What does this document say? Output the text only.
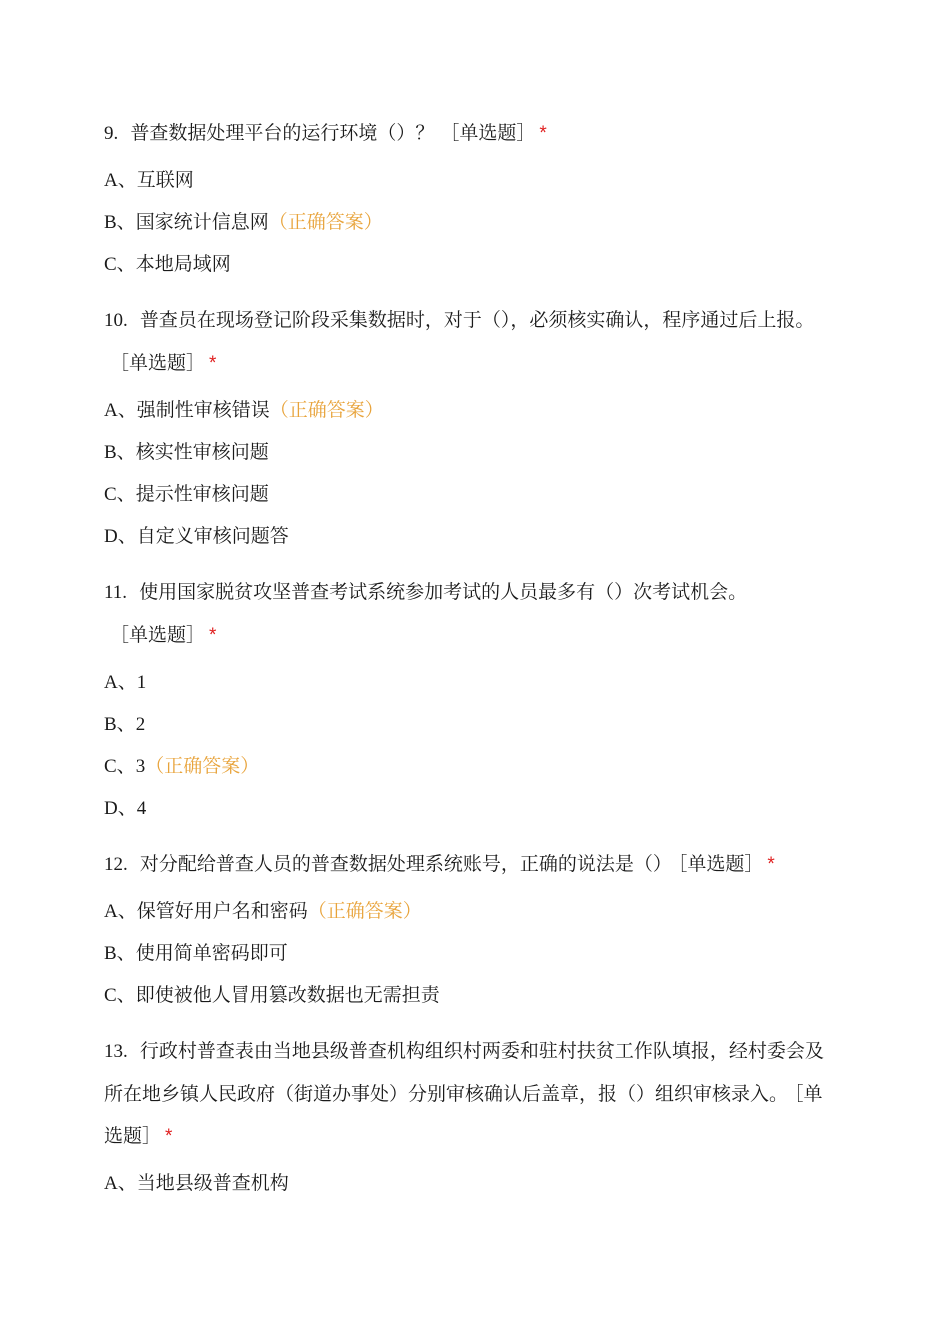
9. 普查数据处理平台的运行环境（）？ ［单选题］ *

A、互联网
B、国家统计信息网（正确答案）
C、本地局域网

10. 普查员在现场登记阶段采集数据时，对于（），必须核实确认，程序通过后上报。［单选题］ *

A、强制性审核错误（正确答案）
B、核实性审核问题
C、提示性审核问题
D、自定义审核问题答

11. 使用国家脱贫攻坚普查考试系统参加考试的人员最多有（）次考试机会。［单选题］ *

A、1
B、2
C、3（正确答案）
D、4

12. 对分配给普查人员的普查数据处理系统账号，正确的说法是（） ［单选题］ *

A、保管好用户名和密码（正确答案）
B、使用简单密码即可
C、即使被他人冒用篡改数据也无需担责

13. 行政村普查表由当地县级普查机构组织村两委和驻村扶贫工作队填报，经村委会及所在地乡镇人民政府（街道办事处）分别审核确认后盖章，报（）组织审核录入。 ［单选题］ *

A、当地县级普查机构
